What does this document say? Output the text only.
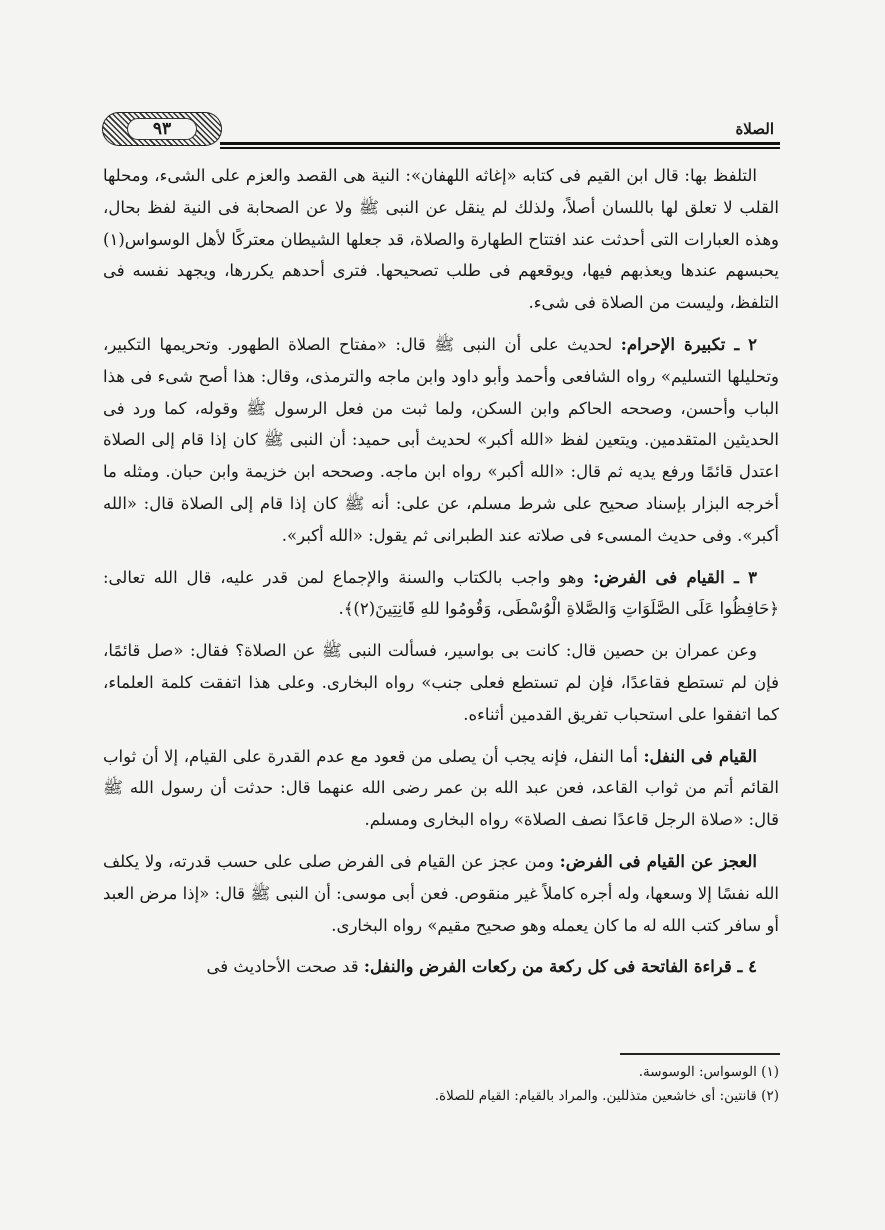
٩٣	الصلاة

التلفظ بها: قال ابن القيم فى كتابه «إغاثه اللهفان»: النية هى القصد والعزم على الشىء، ومحلها القلب لا تعلق لها باللسان أصلاً، ولذلك لم ينقل عن النبى ﷺ ولا عن الصحابة فى النية لفظ بحال، وهذه العبارات التى أحدثت عند افتتاح الطهارة والصلاة، قد جعلها الشيطان معتركًا لأهل الوسواس(١) يحبسهم عندها ويعذبهم فيها، ويوقعهم فى طلب تصحيحها. فترى أحدهم يكررها، ويجهد نفسه فى التلفظ، وليست من الصلاة فى شىء.

٢ ـ تكبيرة الإحرام: لحديث على أن النبى ﷺ قال: «مفتاح الصلاة الطهور. وتحريمها التكبير، وتحليلها التسليم» رواه الشافعى وأحمد وأبو داود وابن ماجه والترمذى، وقال: هذا أصح شىء فى هذا الباب وأحسن، وصححه الحاكم وابن السكن، ولما ثبت من فعل الرسول ﷺ وقوله، كما ورد فى الحديثين المتقدمين. ويتعين لفظ «الله أكبر» لحديث أبى حميد: أن النبى ﷺ كان إذا قام إلى الصلاة اعتدل قائمًا ورفع يديه ثم قال: «الله أكبر» رواه ابن ماجه. وصححه ابن خزيمة وابن حبان. ومثله ما أخرجه البزار بإسناد صحيح على شرط مسلم، عن على: أنه ﷺ كان إذا قام إلى الصلاة قال: «الله أكبر». وفى حديث المسىء فى صلاته عند الطبرانى ثم يقول: «الله أكبر».

٣ ـ القيام فى الفرض: وهو واجب بالكتاب والسنة والإجماع لمن قدر عليه، قال الله تعالى: ﴿حَافِظُوا عَلَى الصَّلَوَاتِ وَالصَّلاةِ الْوُسْطَى، وَقُومُوا للهِ قَانِتِينَ(٢)﴾.

وعن عمران بن حصين قال: كانت بى بواسير، فسألت النبى ﷺ عن الصلاة؟ فقال: «صل قائمًا، فإن لم تستطع فقاعدًا، فإن لم تستطع فعلى جنب» رواه البخارى. وعلى هذا اتفقت كلمة العلماء، كما اتفقوا على استحباب تفريق القدمين أثناءه.

القيام فى النفل: أما النفل، فإنه يجب أن يصلى من قعود مع عدم القدرة على القيام، إلا أن ثواب القائم أتم من ثواب القاعد، فعن عبد الله بن عمر رضى الله عنهما قال: حدثت أن رسول الله ﷺ قال: «صلاة الرجل قاعدًا نصف الصلاة» رواه البخارى ومسلم.

العجز عن القيام فى الفرض: ومن عجز عن القيام فى الفرض صلى على حسب قدرته، ولا يكلف الله نفسًا إلا وسعها، وله أجره كاملاً غير منقوص. فعن أبى موسى: أن النبى ﷺ قال: «إذا مرض العبد أو سافر كتب الله له ما كان يعمله وهو صحيح مقيم» رواه البخارى.

٤ ـ قراءة الفاتحة فى كل ركعة من ركعات الفرض والنفل: قد صحت الأحاديث فى

(١) الوسواس: الوسوسة.
(٢) قانتين: أى خاشعين متذللين. والمراد بالقيام: القيام للصلاة.
